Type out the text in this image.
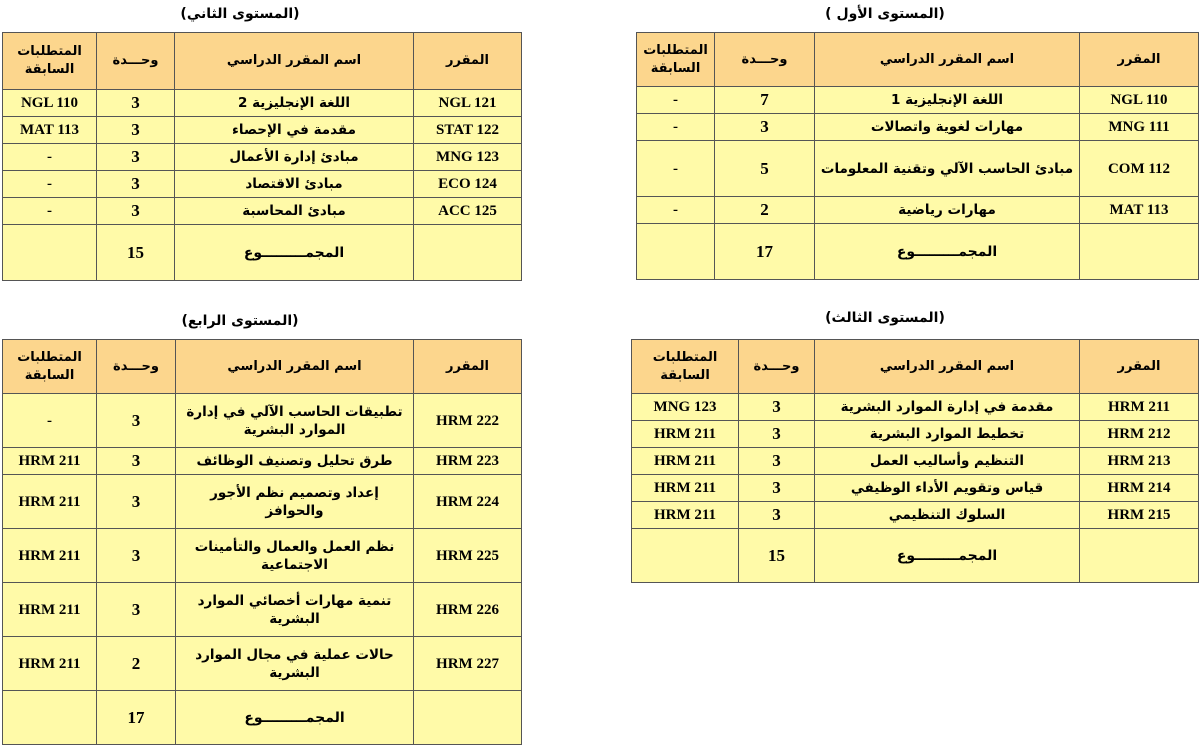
(المستوى الأول )
المتطلبات السابقة	وحـــدة	اسم المقرر الدراسي	المقرر
-	7	اللغة الإنجليزية 1	NGL 110
-	3	مهارات لغوية واتصالات	MNG 111
-	5	مبادئ الحاسب الآلي وتقنية المعلومات	COM 112
-	2	مهارات رياضية	MAT 113
	17	المجمـــــــــوع	
(المستوى الثاني)
المتطلبات السابقة	وحـــدة	اسم المقرر الدراسي	المقرر
NGL 110	3	اللغة الإنجليزية 2	NGL 121
MAT 113	3	مقدمة في الإحصاء	STAT 122
-	3	مبادئ إدارة الأعمال	MNG 123
-	3	مبادئ الاقتصاد	ECO 124
-	3	مبادئ المحاسبة	ACC 125
	15	المجمـــــــــوع	
(المستوى الثالث)
المتطلبات السابقة	وحـــدة	اسم المقرر الدراسي	المقرر
MNG 123	3	مقدمة في إدارة الموارد البشرية	HRM 211
HRM 211	3	تخطيط الموارد البشرية	HRM 212
HRM 211	3	التنظيم وأساليب العمل	HRM 213
HRM 211	3	قياس وتقويم الأداء الوظيفي	HRM 214
HRM 211	3	السلوك التنظيمي	HRM 215
	15	المجمـــــــــوع	
(المستوى الرابع)
المتطلبات السابقة	وحـــدة	اسم المقرر الدراسي	المقرر
-	3	تطبيقات الحاسب الآلي في إدارة الموارد البشرية	HRM 222
HRM 211	3	طرق تحليل وتصنيف الوظائف	HRM 223
HRM 211	3	إعداد وتصميم نظم الأجور والحوافز	HRM 224
HRM 211	3	نظم العمل والعمال والتأمينات الاجتماعية	HRM 225
HRM 211	3	تنمية مهارات أخصائي الموارد البشرية	HRM 226
HRM 211	2	حالات عملية في مجال الموارد البشرية	HRM 227
	17	المجمـــــــــوع	
